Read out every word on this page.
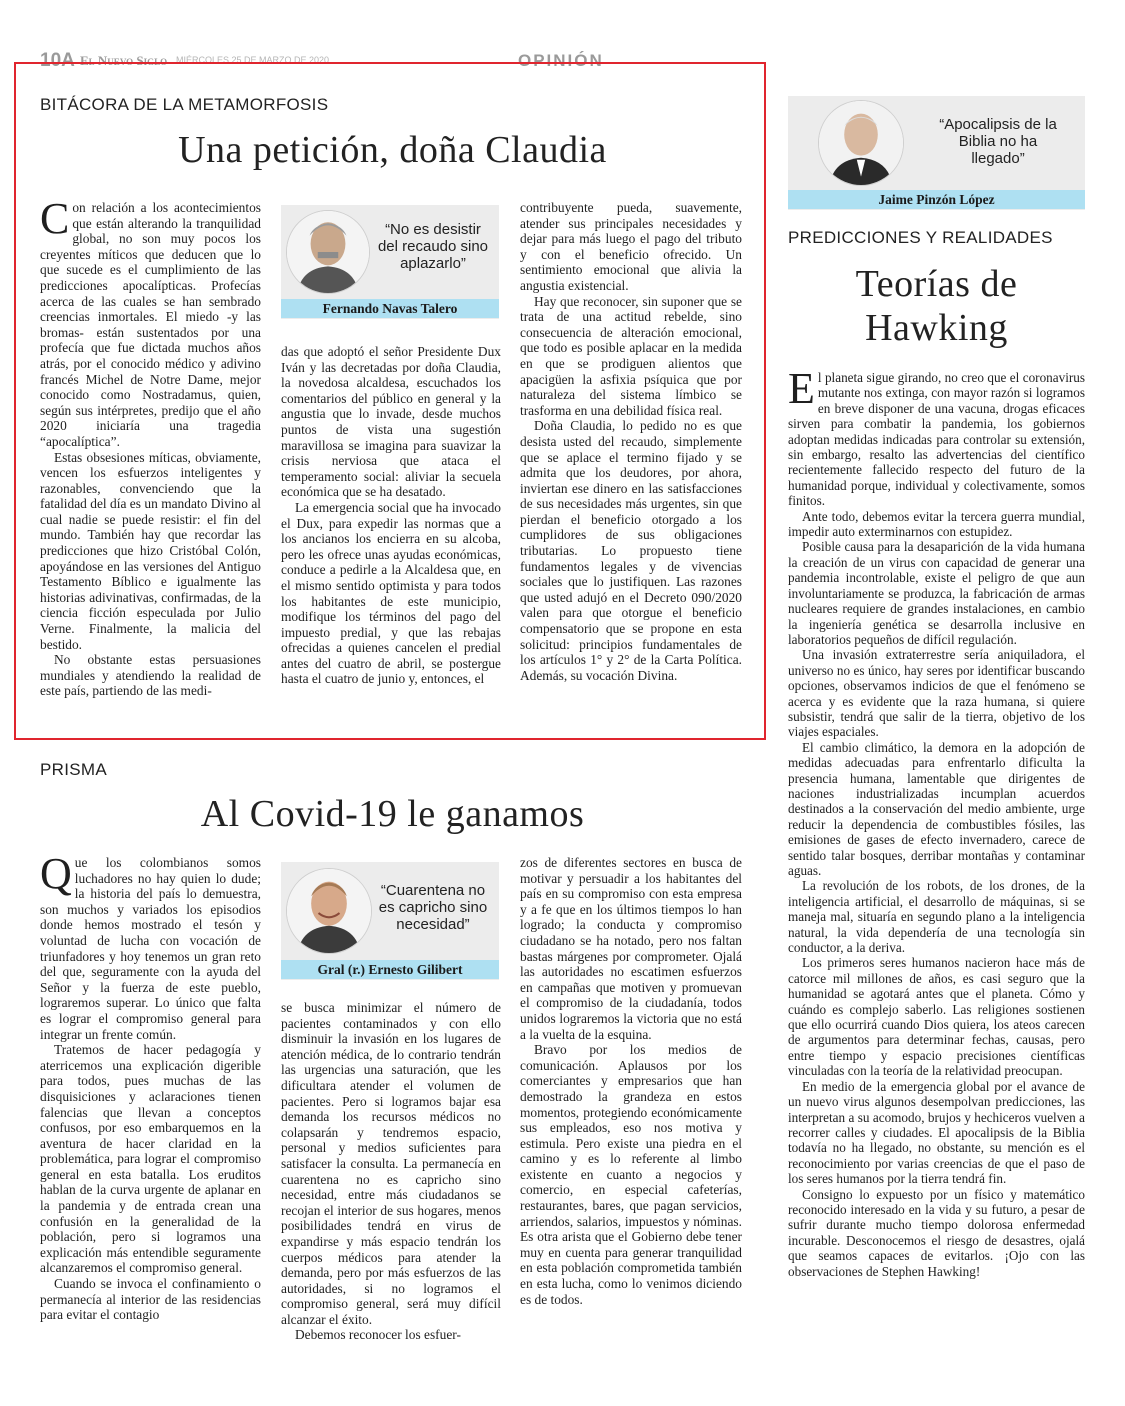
10A El Nuevo Siglo MIÉRCOLES 25 DE MARZO DE 2020	OPINIÓN
BITÁCORA DE LA METAMORFOSIS
Una petición, doña Claudia

Con relación a los acontecimientos que están alterando la tranquilidad global, no son muy pocos los creyentes míticos que deducen que lo que sucede es el cumplimiento de las predicciones apocalípticas. Profecías acerca de las cuales se han sembrado creencias inmortales. El miedo -y las bromas- están sustentados por una profecía que fue dictada muchos años atrás, por el conocido médico y adivino francés Michel de Notre Dame, mejor conocido como Nostradamus, quien, según sus intérpretes, predijo que el año 2020 iniciaría una tragedia “apocalíptica”.

Estas obsesiones míticas, obviamente, vencen los esfuerzos inteligentes y razonables, convenciendo que la fatalidad del día es un mandato Divino al cual nadie se puede resistir: el fin del mundo. También hay que recordar las predicciones que hizo Cristóbal Colón, apoyándose en las versiones del Antiguo Testamento Bíblico e igualmente las historias adivinativas, confirmadas, de la ciencia ficción especulada por Julio Verne. Finalmente, la malicia del bestido.

No obstante estas persuasiones mundiales y atendiendo la realidad de este país, partiendo de las medi-

“No es desistir del recaudo sino aplazarlo”
Fernando Navas Talero

das que adoptó el señor Presidente Dux Iván y las decretadas por doña Claudia, la novedosa alcaldesa, escuchados los comentarios del público en general y la angustia que lo invade, desde muchos puntos de vista una sugestión maravillosa se imagina para suavizar la crisis nerviosa que ataca el temperamento social: aliviar la secuela económica que se ha desatado.

La emergencia social que ha invocado el Dux, para expedir las normas que a los ancianos los encierra en su alcoba, pero les ofrece unas ayudas económicas, conduce a pedirle a la Alcaldesa que, en el mismo sentido optimista y para todos los habitantes de este municipio, modifique los términos del pago del impuesto predial, y que las rebajas ofrecidas a quienes cancelen el predial antes del cuatro de abril, se postergue hasta el cuatro de junio y, entonces, el

contribuyente pueda, suavemente, atender sus principales necesidades y dejar para más luego el pago del tributo y con el beneficio ofrecido. Un sentimiento emocional que alivia la angustia existencial.

Hay que reconocer, sin suponer que se trata de una actitud rebelde, sino consecuencia de alteración emocional, que todo es posible aplacar en la medida en que se prodiguen alientos que apacigüen la asfixia psíquica que por naturaleza del sistema límbico se trasforma en una debilidad física real.

Doña Claudia, lo pedido no es que desista usted del recaudo, simplemente que se aplace el termino fijado y se admita que los deudores, por ahora, inviertan ese dinero en las satisfacciones de sus necesidades más urgentes, sin que pierdan el beneficio otorgado a los cumplidores de sus obligaciones tributarias. Lo propuesto tiene fundamentos legales y de vivencias sociales que lo justifiquen. Las razones que usted adujó en el Decreto 090/2020 valen para que otorgue el beneficio compensatorio que se propone en esta solicitud: principios fundamentales de los artículos 1° y 2° de la Carta Política. Además, su vocación Divina.

“Apocalipsis de la Biblia no ha llegado”
Jaime Pinzón López
PREDICCIONES Y REALIDADES
Teorías de
Hawking

El planeta sigue girando, no creo que el coronavirus mutante nos extinga, con mayor razón si logramos en breve disponer de una vacuna, drogas eficaces sirven para combatir la pandemia, los gobiernos adoptan medidas indicadas para controlar su extensión, sin embargo, resalto las advertencias del científico recientemente fallecido respecto del futuro de la humanidad porque, individual y colectivamente, somos finitos.

Ante todo, debemos evitar la tercera guerra mundial, impedir auto exterminarnos con estupidez.

Posible causa para la desaparición de la vida humana la creación de un virus con capacidad de generar una pandemia incontrolable, existe el peligro de que aun involuntariamente se produzca, la fabricación de armas nucleares requiere de grandes instalaciones, en cambio la ingeniería genética se desarrolla inclusive en laboratorios pequeños de difícil regulación.

Una invasión extraterrestre sería aniquiladora, el universo no es único, hay seres por identificar buscando opciones, observamos indicios de que el fenómeno se acerca y es evidente que la raza humana, si quiere subsistir, tendrá que salir de la tierra, objetivo de los viajes espaciales.

El cambio climático, la demora en la adopción de medidas adecuadas para enfrentarlo dificulta la presencia humana, lamentable que dirigentes de naciones industrializadas incumplan acuerdos destinados a la conservación del medio ambiente, urge reducir la dependencia de combustibles fósiles, las emisiones de gases de efecto invernadero, carece de sentido talar bosques, derribar montañas y contaminar aguas.

La revolución de los robots, de los drones, de la inteligencia artificial, el desarrollo de máquinas, si se maneja mal, situaría en segundo plano a la inteligencia natural, la vida dependería de una tecnología sin conductor, a la deriva.

Los primeros seres humanos nacieron hace más de catorce mil millones de años, es casi seguro que la humanidad se agotará antes que el planeta. Cómo y cuándo es complejo saberlo. Las religiones sostienen que ello ocurrirá cuando Dios quiera, los ateos carecen de argumentos para determinar fechas, causas, pero entre tiempo y espacio precisiones científicas vinculadas con la teoría de la relatividad preocupan.

En medio de la emergencia global por el avance de un nuevo virus algunos desempolvan predicciones, las interpretan a su acomodo, brujos y hechiceros vuelven a recorrer calles y ciudades. El apocalipsis de la Biblia todavía no ha llegado, no obstante, su mención es el reconocimiento por varias creencias de que el paso de los seres humanos por la tierra tendrá fin.

Consigno lo expuesto por un físico y matemático reconocido interesado en la vida y su futuro, a pesar de sufrir durante mucho tiempo dolorosa enfermedad incurable. Desconocemos el riesgo de desastres, ojalá que seamos capaces de evitarlos. ¡Ojo con las observaciones de Stephen Hawking!

PRISMA
Al Covid-19 le ganamos

Que los colombianos somos luchadores no hay quien lo dude; la historia del país lo demuestra, son muchos y variados los episodios donde hemos mostrado el tesón y voluntad de lucha con vocación de triunfadores y hoy tenemos un gran reto del que, seguramente con la ayuda del Señor y la fuerza de este pueblo, lograremos superar. Lo único que falta es lograr el compromiso general para integrar un frente común.

Tratemos de hacer pedagogía y aterricemos una explicación digerible para todos, pues muchas de las disquisiciones y aclaraciones tienen falencias que llevan a conceptos confusos, por eso embarquemos en la aventura de hacer claridad en la problemática, para lograr el compromiso general en esta batalla. Los eruditos hablan de la curva urgente de aplanar en la pandemia y de entrada crean una confusión en la generalidad de la población, pero si logramos una explicación más entendible seguramente alcanzaremos el compromiso general.

Cuando se invoca el confinamiento o permanecía al interior de las residencias para evitar el contagio

“Cuarentena no es capricho sino necesidad”
Gral (r.) Ernesto Gilibert

se busca minimizar el número de pacientes contaminados y con ello disminuir la invasión en los lugares de atención médica, de lo contrario tendrán las urgencias una saturación, que les dificultara atender el volumen de pacientes. Pero si logramos bajar esa demanda los recursos médicos no colapsarán y tendremos espacio, personal y medios suficientes para satisfacer la consulta. La permanecía en cuarentena no es capricho sino necesidad, entre más ciudadanos se recojan el interior de sus hogares, menos posibilidades tendrá en virus de expandirse y más espacio tendrán los cuerpos médicos para atender la demanda, pero por más esfuerzos de las autoridades, si no logramos el compromiso general, será muy difícil alcanzar el éxito.

Debemos reconocer los esfuer-

zos de diferentes sectores en busca de motivar y persuadir a los habitantes del país en su compromiso con esta empresa y a fe que en los últimos tiempos lo han logrado; la conducta y compromiso ciudadano se ha notado, pero nos faltan bastas márgenes por comprometer. Ojalá las autoridades no escatimen esfuerzos en campañas que motiven y promuevan el compromiso de la ciudadanía, todos unidos lograremos la victoria que no está a la vuelta de la esquina.

Bravo por los medios de comunicación. Aplausos por los comerciantes y empresarios que han demostrado la grandeza en estos momentos, protegiendo económicamente sus empleados, eso nos motiva y estimula. Pero existe una piedra en el camino y es lo referente al limbo existente en cuanto a negocios y comercio, en especial cafeterías, restaurantes, bares, que pagan servicios, arriendos, salarios, impuestos y nóminas. Es otra arista que el Gobierno debe tener muy en cuenta para generar tranquilidad en esta población comprometida también en esta lucha, como lo venimos diciendo es de todos.
